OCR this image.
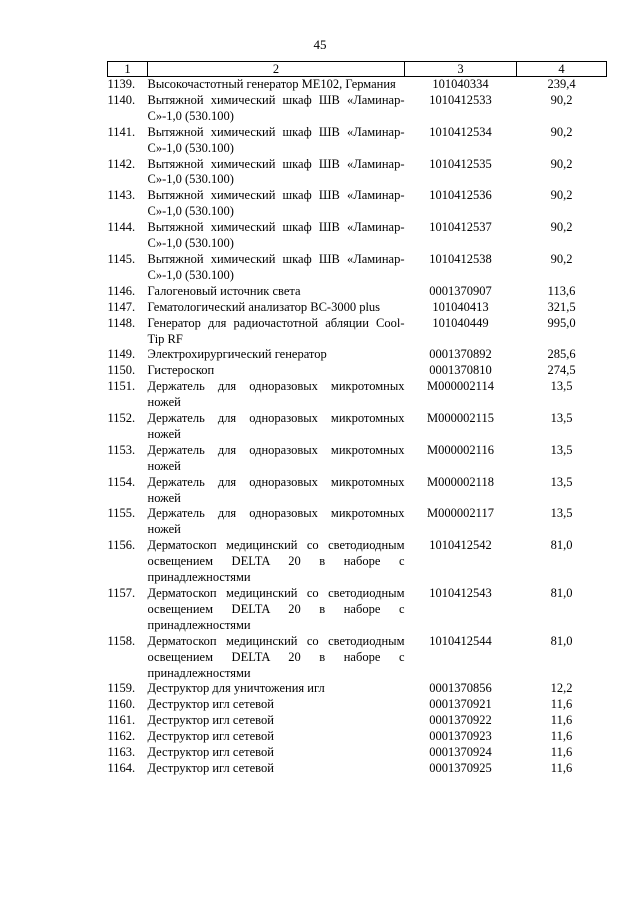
45
1	2	3	4
1139.	Высокочастотный генератор ME102, Германия	101040334	239,4
1140.	Вытяжной химический шкаф ШВ «Ламинар-С»-1,0 (530.100)	1010412533	90,2
1141.	Вытяжной химический шкаф ШВ «Ламинар-С»-1,0 (530.100)	1010412534	90,2
1142.	Вытяжной химический шкаф ШВ «Ламинар-С»-1,0 (530.100)	1010412535	90,2
1143.	Вытяжной химический шкаф ШВ «Ламинар-С»-1,0 (530.100)	1010412536	90,2
1144.	Вытяжной химический шкаф ШВ «Ламинар-С»-1,0 (530.100)	1010412537	90,2
1145.	Вытяжной химический шкаф ШВ «Ламинар-С»-1,0 (530.100)	1010412538	90,2
1146.	Галогеновый источник света	0001370907	113,6
1147.	Гематологический анализатор ВС-3000 plus	101040413	321,5
1148.	Генератор для радиочастотной абляции Cool-Tip RF	101040449	995,0
1149.	Электрохирургический генератор	0001370892	285,6
1150.	Гистероскоп	0001370810	274,5
1151.	Держатель для одноразовых микротомных ножей	М000002114	13,5
1152.	Держатель для одноразовых микротомных ножей	М000002115	13,5
1153.	Держатель для одноразовых микротомных ножей	М000002116	13,5
1154.	Держатель для одноразовых микротомных ножей	М000002118	13,5
1155.	Держатель для одноразовых микротомных ножей	М000002117	13,5
1156.	Дерматоскоп медицинский со светодиодным освещением DELTA 20 в наборе с принадлежностями	1010412542	81,0
1157.	Дерматоскоп медицинский со светодиодным освещением DELTA 20 в наборе с принадлежностями	1010412543	81,0
1158.	Дерматоскоп медицинский со светодиодным освещением DELTA 20 в наборе с принадлежностями	1010412544	81,0
1159.	Деструктор для уничтожения игл	0001370856	12,2
1160.	Деструктор игл сетевой	0001370921	11,6
1161.	Деструктор игл сетевой	0001370922	11,6
1162.	Деструктор игл сетевой	0001370923	11,6
1163.	Деструктор игл сетевой	0001370924	11,6
1164.	Деструктор игл сетевой	0001370925	11,6
